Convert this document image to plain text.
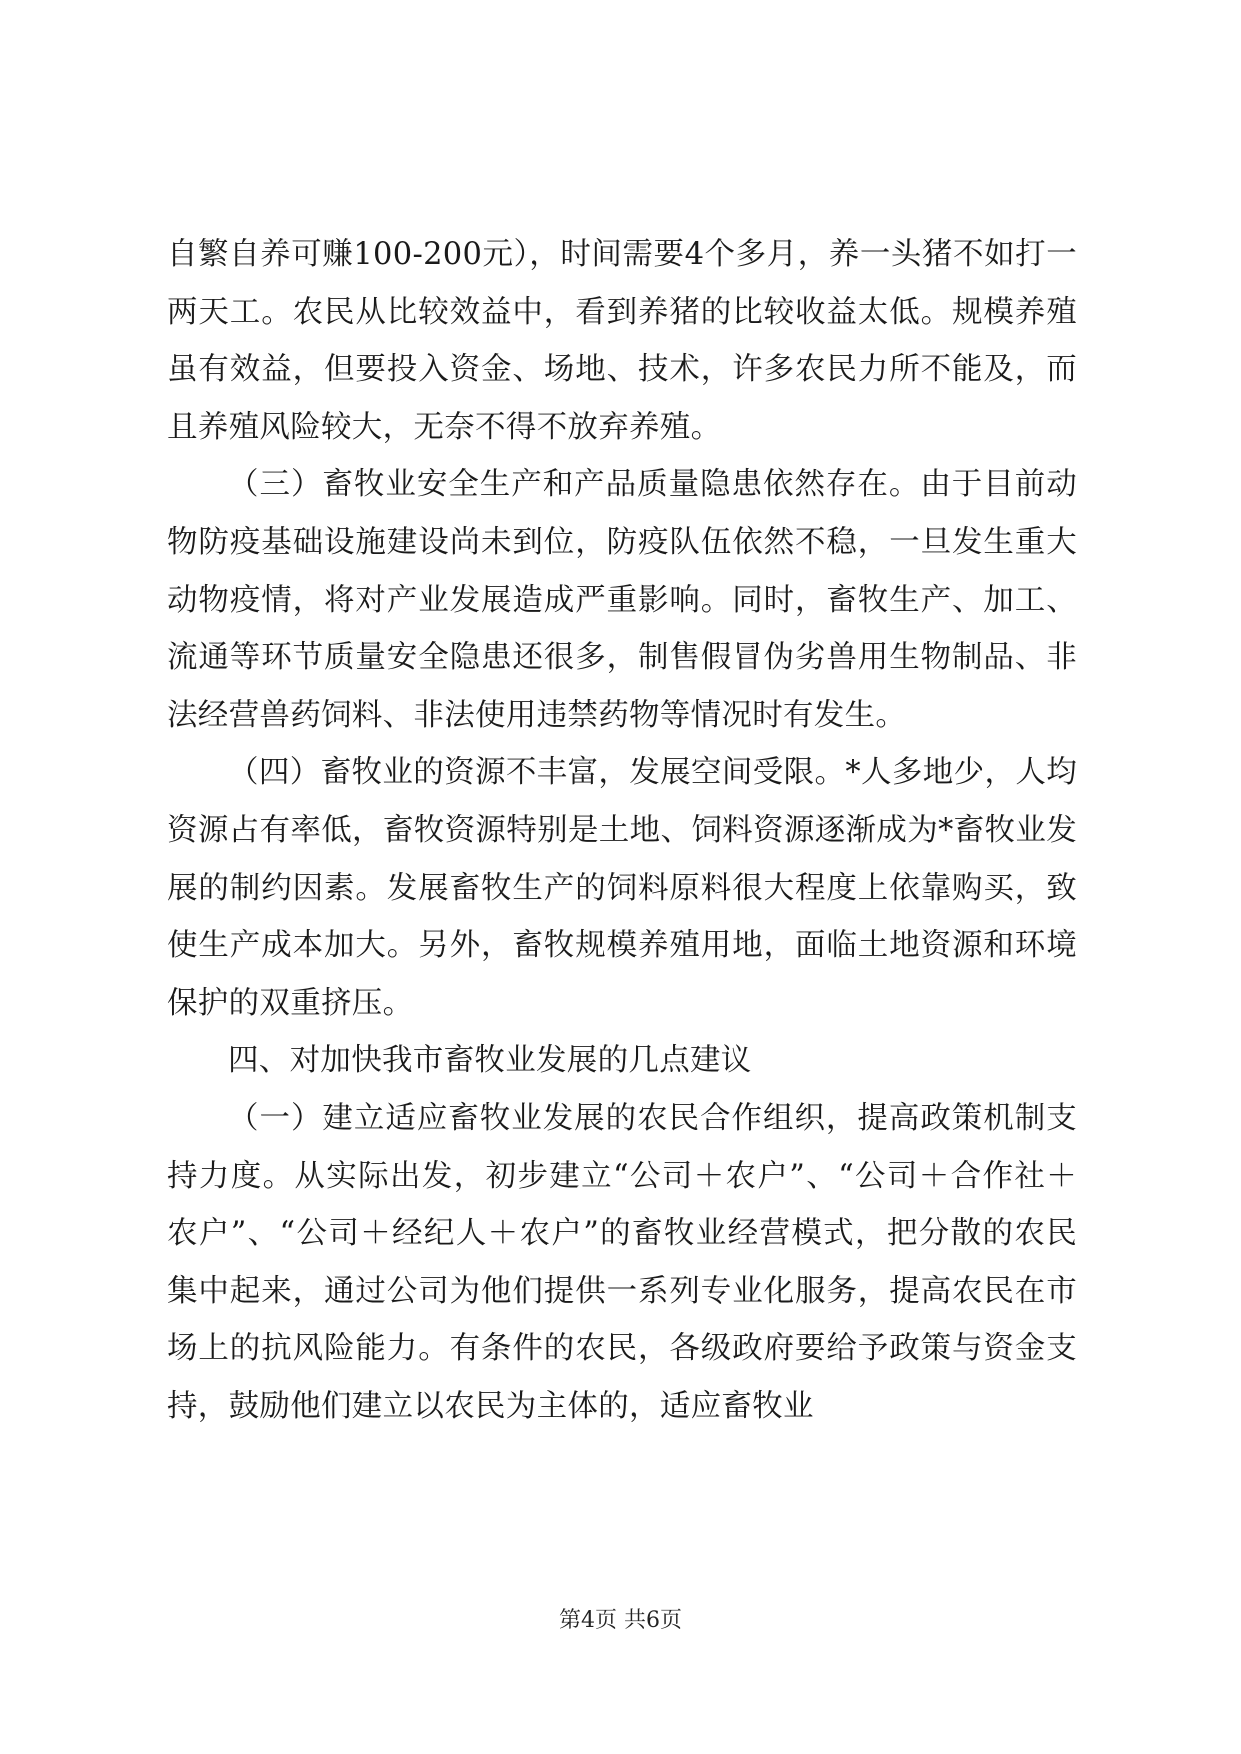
自繁自养可赚100-200元），时间需要4个多月，养一头猪不如打一两天工。农民从比较效益中，看到养猪的比较收益太低。规模养殖虽有效益，但要投入资金、场地、技术，许多农民力所不能及，而且养殖风险较大，无奈不得不放弃养殖。

（三）畜牧业安全生产和产品质量隐患依然存在。由于目前动物防疫基础设施建设尚未到位，防疫队伍依然不稳，一旦发生重大动物疫情，将对产业发展造成严重影响。同时，畜牧生产、加工、流通等环节质量安全隐患还很多，制售假冒伪劣兽用生物制品、非法经营兽药饲料、非法使用违禁药物等情况时有发生。

（四）畜牧业的资源不丰富，发展空间受限。*人多地少，人均资源占有率低，畜牧资源特别是土地、饲料资源逐渐成为*畜牧业发展的制约因素。发展畜牧生产的饲料原料很大程度上依靠购买，致使生产成本加大。另外，畜牧规模养殖用地，面临土地资源和环境保护的双重挤压。

四、对加快我市畜牧业发展的几点建议

（一）建立适应畜牧业发展的农民合作组织，提高政策机制支持力度。从实际出发，初步建立“公司＋农户”、“公司＋合作社＋农户”、“公司＋经纪人＋农户”的畜牧业经营模式，把分散的农民集中起来，通过公司为他们提供一系列专业化服务，提高农民在市场上的抗风险能力。有条件的农民，各级政府要给予政策与资金支持，鼓励他们建立以农民为主体的，适应畜牧业

第4页 共6页
